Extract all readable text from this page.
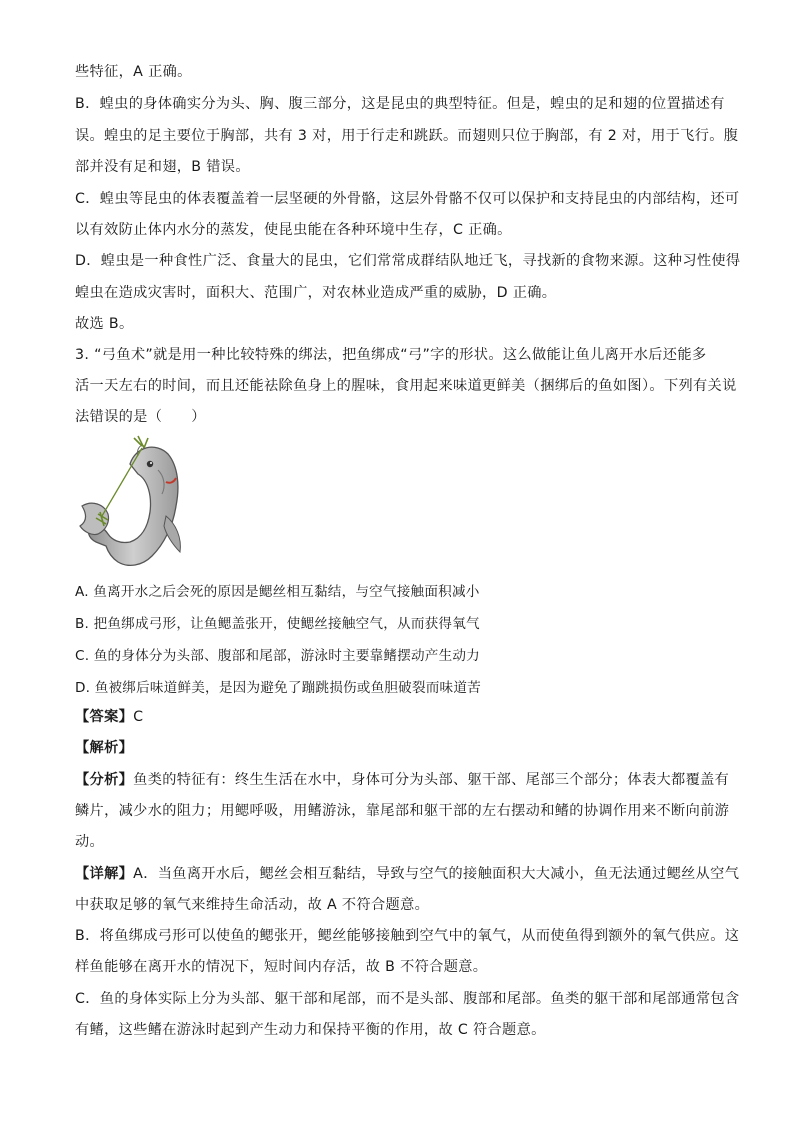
些特征，A 正确。
B．蝗虫的身体确实分为头、胸、腹三部分，这是昆虫的典型特征。但是，蝗虫的足和翅的位置描述有
误。蝗虫的足主要位于胸部，共有 3 对，用于行走和跳跃。而翅则只位于胸部，有 2 对，用于飞行。腹
部并没有足和翅，B 错误。
C．蝗虫等昆虫的体表覆盖着一层坚硬的外骨骼，这层外骨骼不仅可以保护和支持昆虫的内部结构，还可
以有效防止体内水分的蒸发，使昆虫能在各种环境中生存，C 正确。
D．蝗虫是一种食性广泛、食量大的昆虫，它们常常成群结队地迁飞，寻找新的食物来源。这种习性使得
蝗虫在造成灾害时，面积大、范围广，对农林业造成严重的威胁，D 正确。
故选 B。
3. “弓鱼术”就是用一种比较特殊的绑法，把鱼绑成“弓”字的形状。这么做能让鱼儿离开水后还能多
活一天左右的时间，而且还能祛除鱼身上的腥味，食用起来味道更鲜美（捆绑后的鱼如图）。下列有关说
法错误的是（　　）
A. 鱼离开水之后会死的原因是鳃丝相互黏结，与空气接触面积减小
B. 把鱼绑成弓形，让鱼鳃盖张开，使鳃丝接触空气，从而获得氧气
C. 鱼的身体分为头部、腹部和尾部，游泳时主要靠鳍摆动产生动力
D. 鱼被绑后味道鲜美，是因为避免了蹦跳损伤或鱼胆破裂而味道苦
【答案】C
【解析】
【分析】鱼类的特征有：终生生活在水中，身体可分为头部、躯干部、尾部三个部分；体表大都覆盖有
鳞片，减少水的阻力；用鳃呼吸，用鳍游泳，靠尾部和躯干部的左右摆动和鳍的协调作用来不断向前游
动。
【详解】A．当鱼离开水后，鳃丝会相互黏结，导致与空气的接触面积大大减小，鱼无法通过鳃丝从空气
中获取足够的氧气来维持生命活动，故 A 不符合题意。
B．将鱼绑成弓形可以使鱼的鳃张开，鳃丝能够接触到空气中的氧气，从而使鱼得到额外的氧气供应。这
样鱼能够在离开水的情况下，短时间内存活，故 B 不符合题意。
C．鱼的身体实际上分为头部、躯干部和尾部，而不是头部、腹部和尾部。鱼类的躯干部和尾部通常包含
有鳍，这些鳍在游泳时起到产生动力和保持平衡的作用，故 C 符合题意。
